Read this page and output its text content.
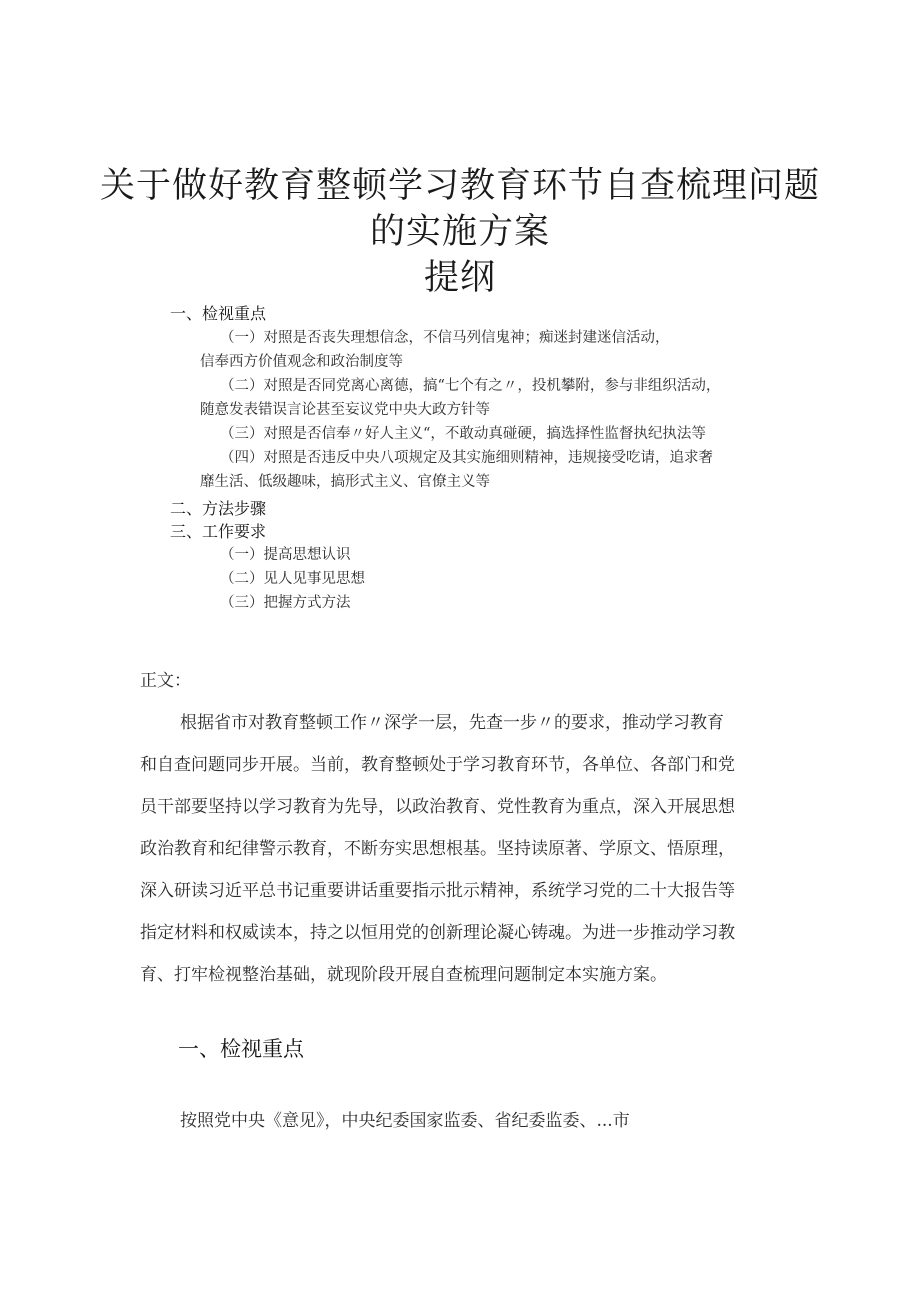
关于做好教育整顿学习教育环节自查梳理问题
的实施方案
提纲
一、检视重点
（一）对照是否丧失理想信念，不信马列信鬼神；痴迷封建迷信活动，
信奉西方价值观念和政治制度等
（二）对照是否同党离心离德，搞“七个有之〃，投机攀附，参与非组织活动，
随意发表错误言论甚至妄议党中央大政方针等
（三）对照是否信奉〃好人主义“，不敢动真碰硬，搞选择性监督执纪执法等
（四）对照是否违反中央八项规定及其实施细则精神，违规接受吃请，追求奢
靡生活、低级趣味，搞形式主义、官僚主义等
二、方法步骤
三、工作要求
（一）提高思想认识
（二）见人见事见思想
（三）把握方式方法
正文：
根据省市对教育整顿工作〃深学一层，先查一步〃的要求，推动学习教育
和自查问题同步开展。当前，教育整顿处于学习教育环节，各单位、各部门和党
员干部要坚持以学习教育为先导，以政治教育、党性教育为重点，深入开展思想
政治教育和纪律警示教育，不断夯实思想根基。坚持读原著、学原文、悟原理，
深入研读习近平总书记重要讲话重要指示批示精神，系统学习党的二十大报告等
指定材料和权威读本，持之以恒用党的创新理论凝心铸魂。为进一步推动学习教
育、打牢检视整治基础，就现阶段开展自查梳理问题制定本实施方案。
一、检视重点
按照党中央《意见》，中央纪委国家监委、省纪委监委、...市
